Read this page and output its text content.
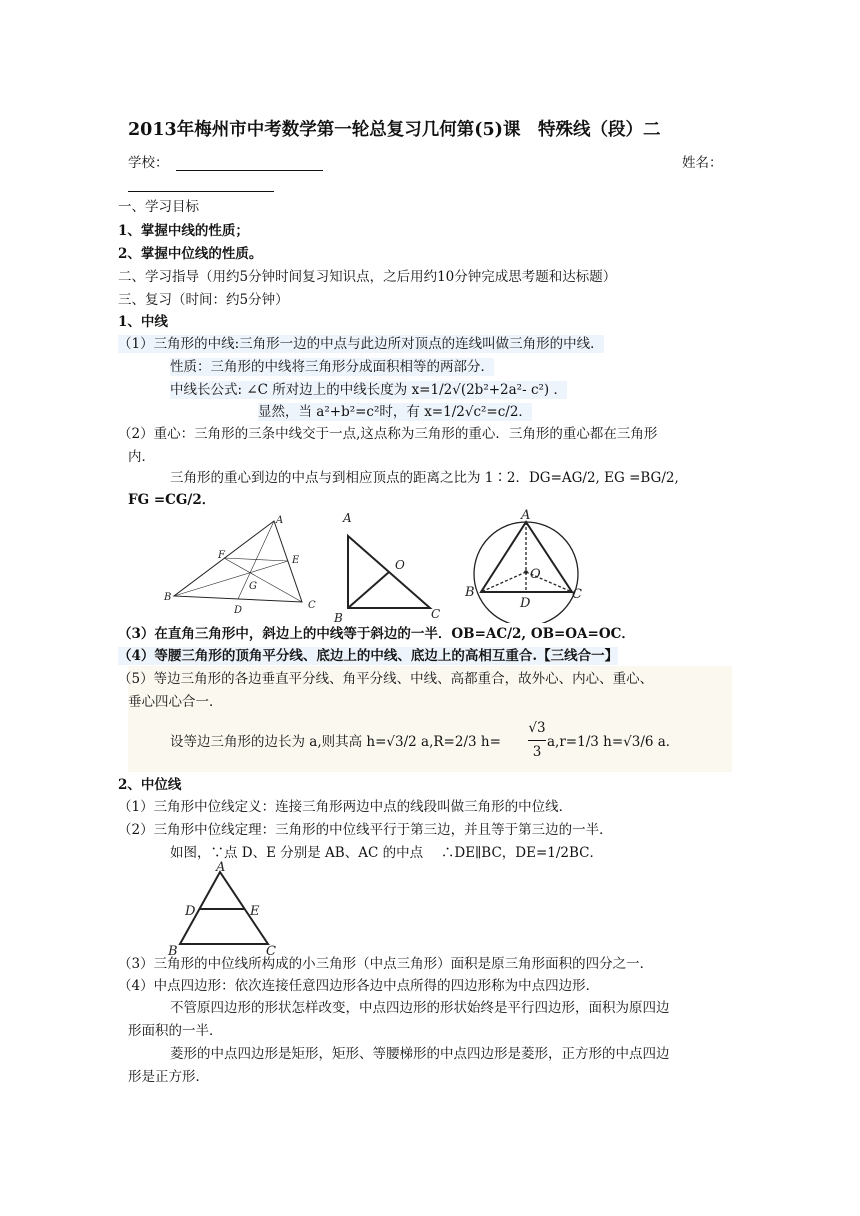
2013年梅州市中考数学第一轮总复习几何第(5)课　特殊线（段）二
学校：	姓名：
一、学习目标
1、掌握中线的性质；
2、掌握中位线的性质。
二、学习指导（用约5分钟时间复习知识点，之后用约10分钟完成思考题和达标题）
三、复习（时间：约5分钟）
1、中线
（1）三角形的中线:三角形一边的中点与此边所对顶点的连线叫做三角形的中线．
性质：三角形的中线将三角形分成面积相等的两部分．
中线长公式: ∠C 所对边上的中线长度为 x=1/2√(2b²+2a²- c²) ．
显然，当 a²+b²=c²时，有 x=1/2√c²=c/2．
（2）重心：三角形的三条中线交于一点,这点称为三角形的重心．三角形的重心都在三角形
内．
三角形的重心到边的中点与到相应顶点的距离之比为 1∶2．DG=AG/2, EG =BG/2,
FG =CG/2．
A
B
C
D
E
F
G
A
B	C
O
A
B	C
D
O
（3）在直角三角形中，斜边上的中线等于斜边的一半．OB=AC/2, OB=OA=OC．
（4）等腰三角形的顶角平分线、底边上的中线、底边上的高相互重合.【三线合一】
（5）等边三角形的各边垂直平分线、角平分线、中线、高都重合，故外心、内心、重心、
垂心四心合一．
设等边三角形的边长为 a,则其高 h=√3/2 a,R=2/3 h=
√3
3
a,r=1/3 h=√3/6 a．
2、中位线
（1）三角形中位线定义：连接三角形两边中点的线段叫做三角形的中位线．
（2）三角形中位线定理：三角形的中位线平行于第三边，并且等于第三边的一半．
如图，∵点 D、E 分别是 AB、AC 的中点　 ∴DE∥BC，DE=1/2BC．
A
B	C
D	E
（3）三角形的中位线所构成的小三角形（中点三角形）面积是原三角形面积的四分之一．
（4）中点四边形：依次连接任意四边形各边中点所得的四边形称为中点四边形．
不管原四边形的形状怎样改变，中点四边形的形状始终是平行四边形，面积为原四边
形面积的一半．
菱形的中点四边形是矩形，矩形、等腰梯形的中点四边形是菱形，正方形的中点四边
形是正方形．
